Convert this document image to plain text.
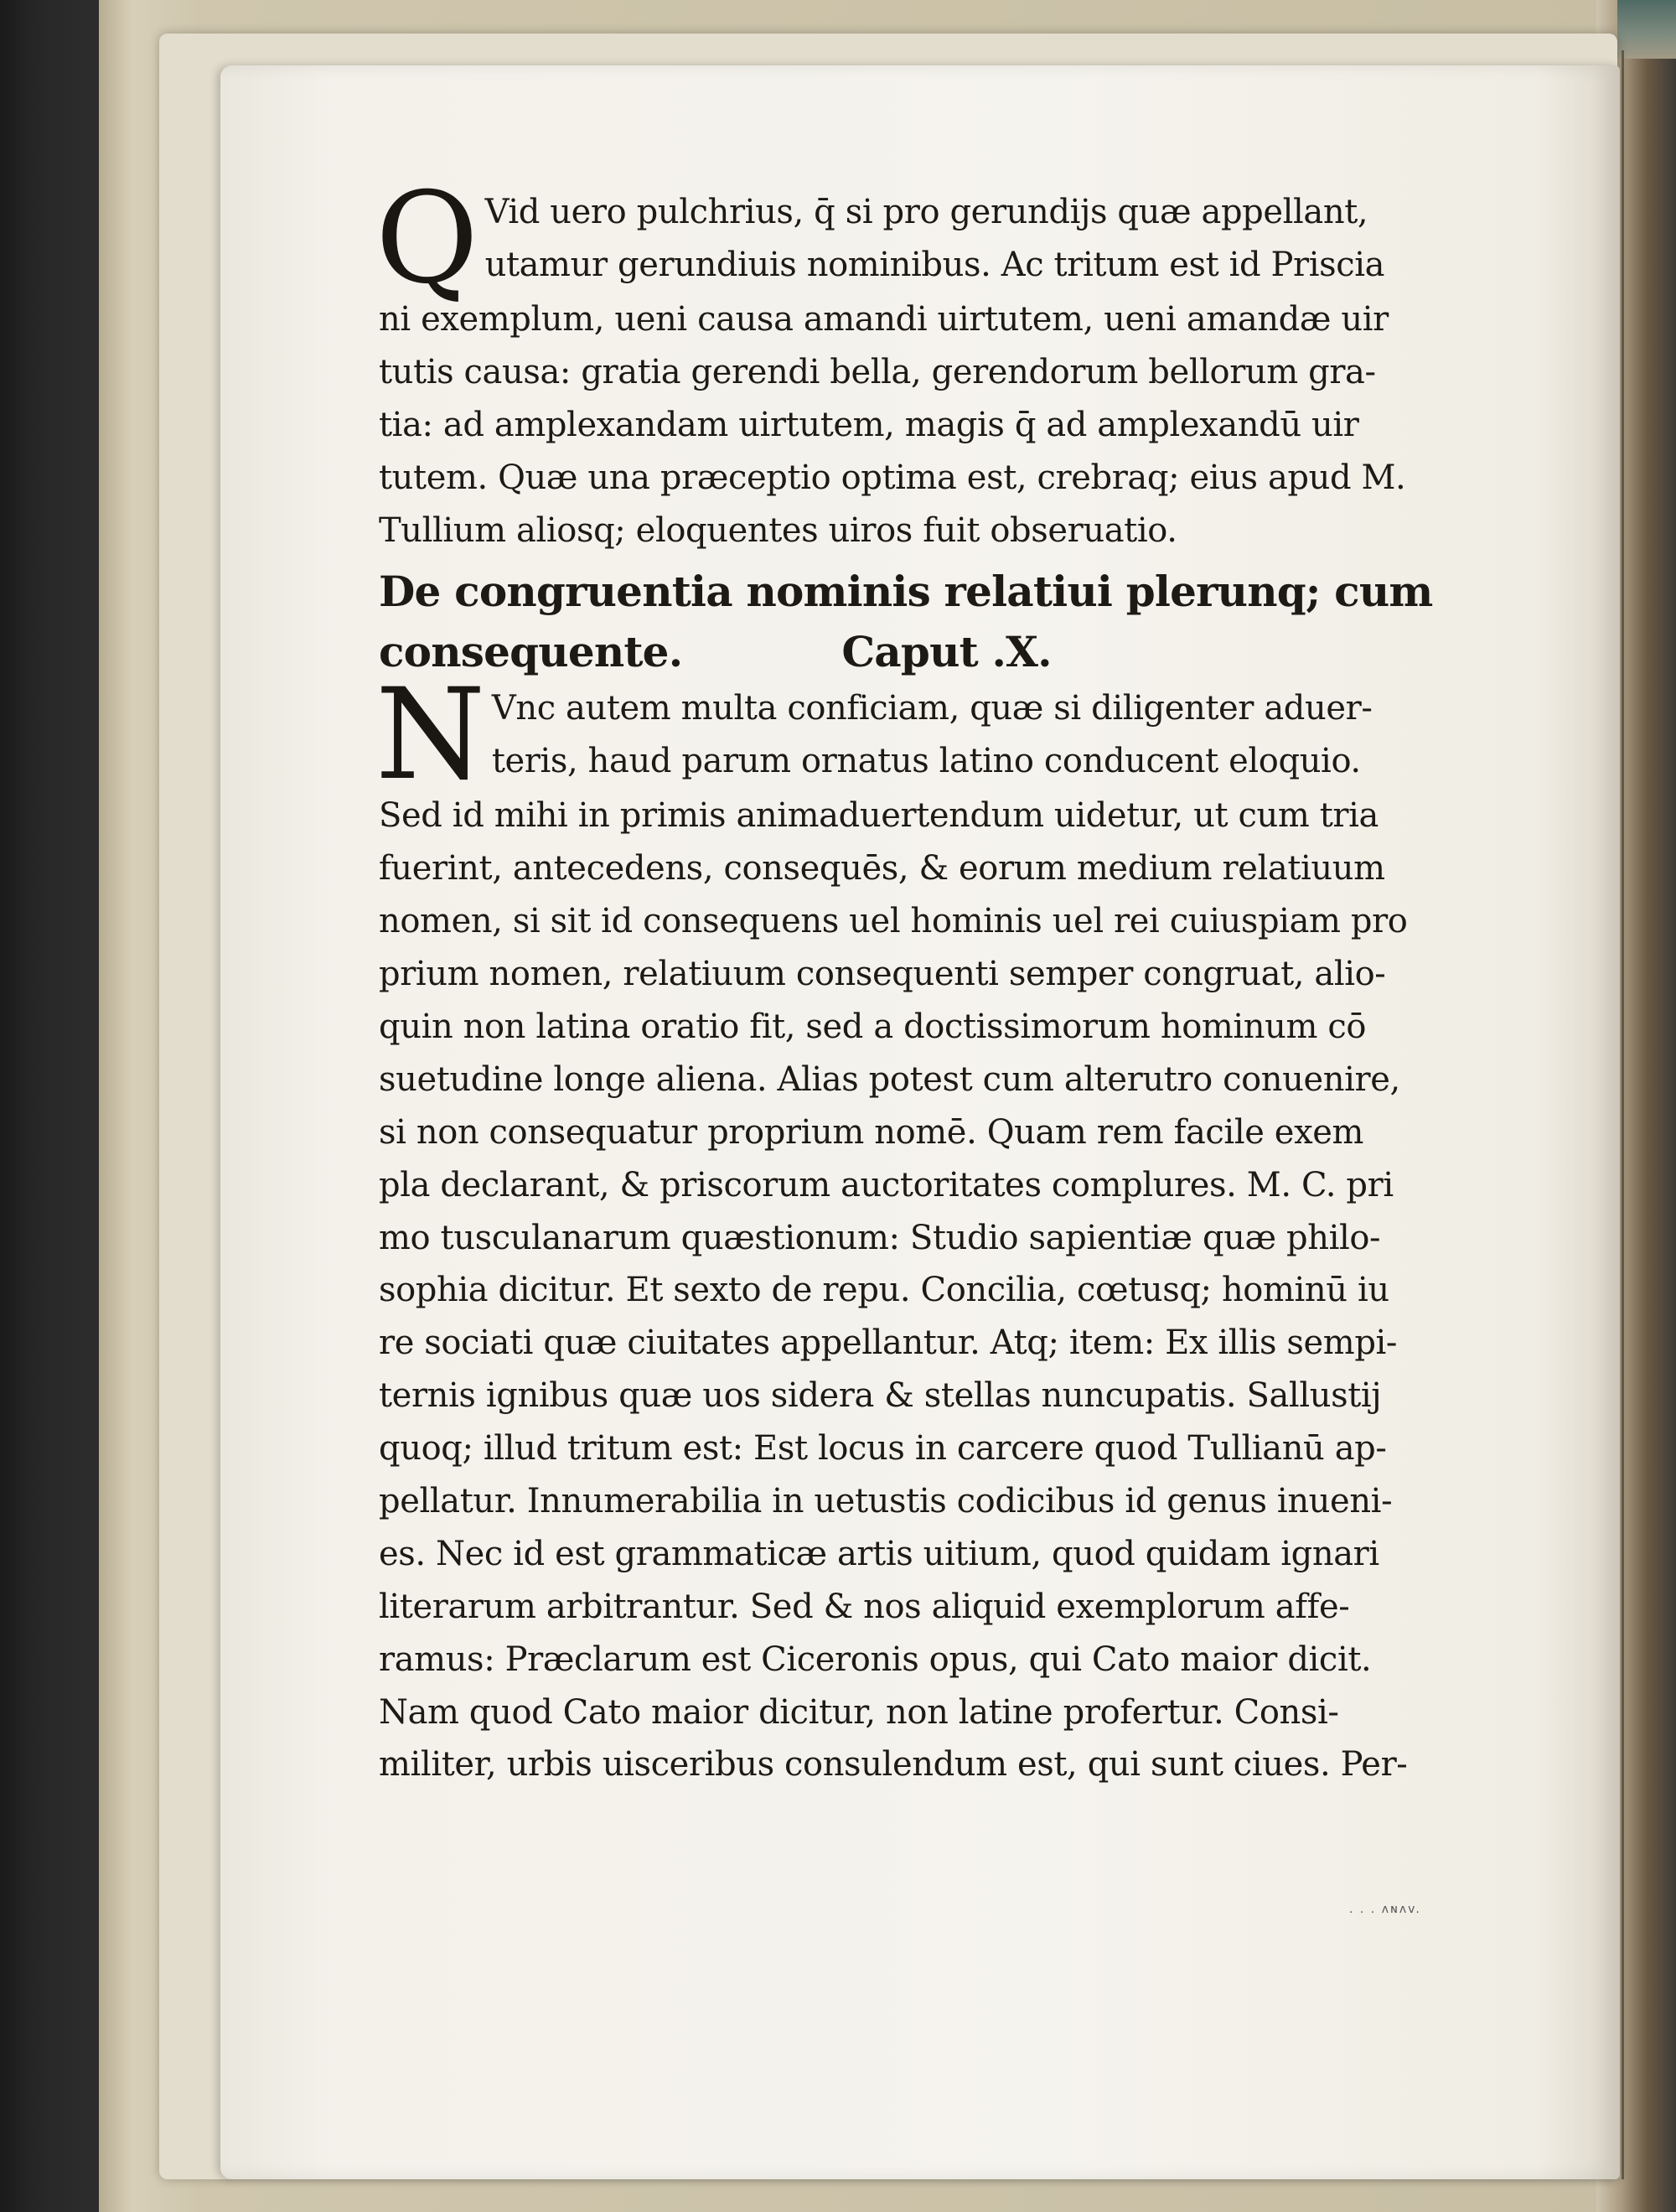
Q Vid uero pulchrius, q̄ si pro gerundijs quæ appellant,
utamur gerundiuis nominibus. Ac tritum est id Priscia
ni exemplum, ueni causa amandi uirtutem, ueni amandæ uir
tutis causa: gratia gerendi bella, gerendorum bellorum gra-
tia: ad amplexandam uirtutem, magis q̄ ad amplexandū uir
tutem. Quæ una præceptio optima est, crebraq; eius apud M.
Tullium aliosq; eloquentes uiros fuit obseruatio.
De congruentia nominis relatiui plerunq; cum
consequente.	Caput .X.
N Vnc autem multa conficiam, quæ si diligenter aduer-
teris, haud parum ornatus latino conducent eloquio.
Sed id mihi in primis animaduertendum uidetur, ut cum tria
fuerint, antecedens, consequēs, & eorum medium relatiuum
nomen, si sit id consequens uel hominis uel rei cuiuspiam pro
prium nomen, relatiuum consequenti semper congruat, alio-
quin non latina oratio fit, sed a doctissimorum hominum cō
suetudine longe aliena. Alias potest cum alterutro conuenire,
si non consequatur proprium nomē. Quam rem facile exem
pla declarant, & priscorum auctoritates complures. M. C. pri
mo tusculanarum quæstionum: Studio sapientiæ quæ philo-
sophia dicitur. Et sexto de repu. Concilia, cœtusq; hominū iu
re sociati quæ ciuitates appellantur. Atq; item: Ex illis sempi-
ternis ignibus quæ uos sidera & stellas nuncupatis. Sallustij
quoq; illud tritum est: Est locus in carcere quod Tullianū ap-
pellatur. Innumerabilia in uetustis codicibus id genus inueni-
es. Nec id est grammaticæ artis uitium, quod quidam ignari
literarum arbitrantur. Sed & nos aliquid exemplorum affe-
ramus: Præclarum est Ciceronis opus, qui Cato maior dicit.
Nam quod Cato maior dicitur, non latine profertur. Consi-
militer, urbis uisceribus consulendum est, qui sunt ciues. Per-
. . . ʌɴʌv.
